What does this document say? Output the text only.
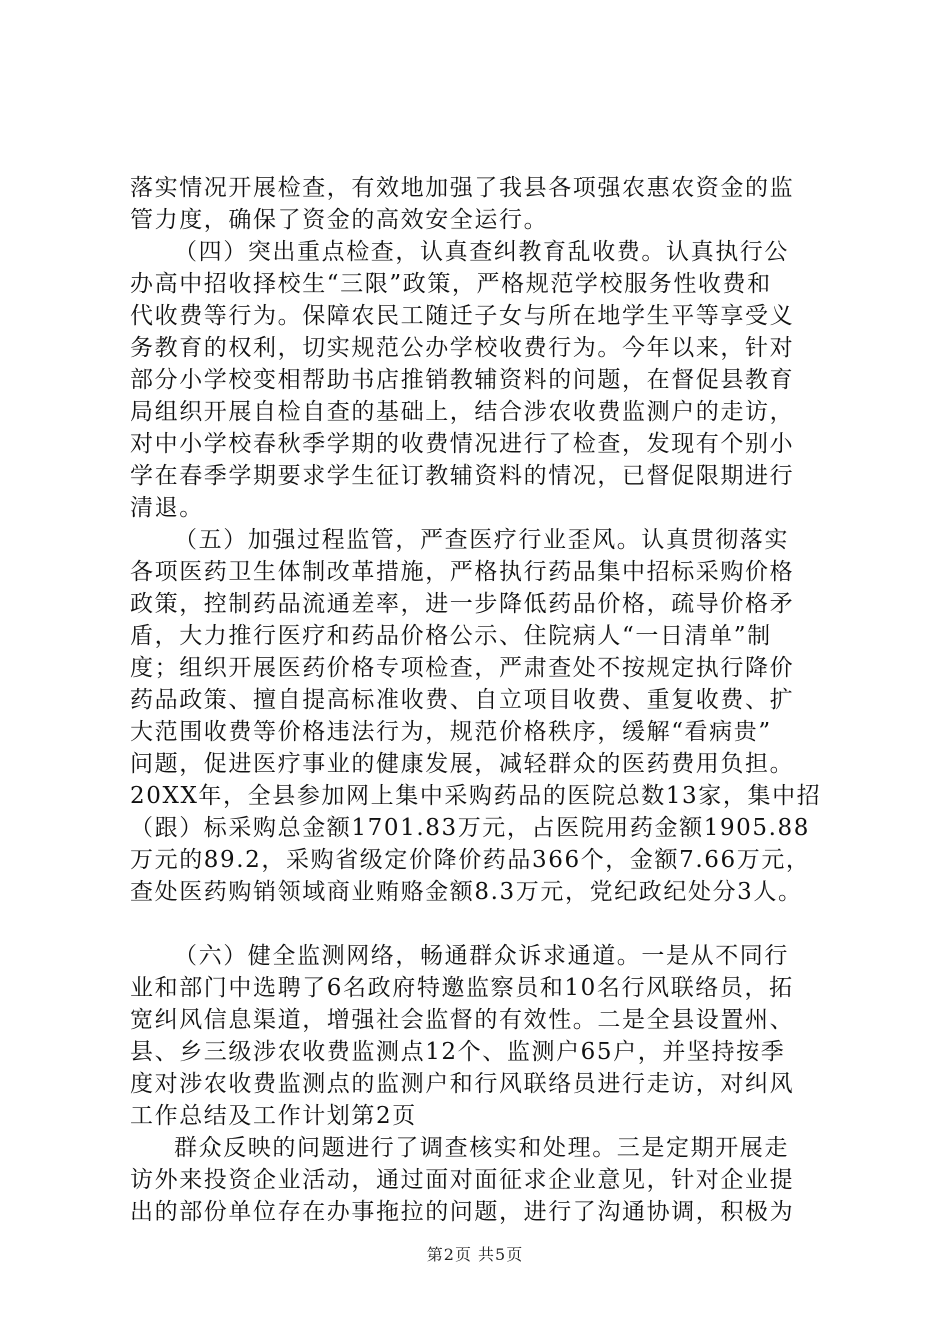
落实情况开展检查，有效地加强了我县各项强农惠农资金的监
管力度，确保了资金的高效安全运行。
（四）突出重点检查，认真查纠教育乱收费。认真执行公
办高中招收择校生“三限”政策，严格规范学校服务性收费和
代收费等行为。保障农民工随迁子女与所在地学生平等享受义
务教育的权利，切实规范公办学校收费行为。今年以来，针对
部分小学校变相帮助书店推销教辅资料的问题，在督促县教育
局组织开展自检自查的基础上，结合涉农收费监测户的走访，
对中小学校春秋季学期的收费情况进行了检查，发现有个别小
学在春季学期要求学生征订教辅资料的情况，已督促限期进行
清退。
（五）加强过程监管，严查医疗行业歪风。认真贯彻落实
各项医药卫生体制改革措施，严格执行药品集中招标采购价格
政策，控制药品流通差率，进一步降低药品价格，疏导价格矛
盾，大力推行医疗和药品价格公示、住院病人“一日清单”制
度；组织开展医药价格专项检查，严肃查处不按规定执行降价
药品政策、擅自提高标准收费、自立项目收费、重复收费、扩
大范围收费等价格违法行为，规范价格秩序，缓解“看病贵”
问题，促进医疗事业的健康发展，减轻群众的医药费用负担。
20XX年，全县参加网上集中采购药品的医院总数13家，集中招
（跟）标采购总金额1701.83万元，占医院用药金额1905.88
万元的89.2，采购省级定价降价药品366个，金额7.66万元，
查处医药购销领域商业贿赂金额8.3万元，党纪政纪处分3人。
（六）健全监测网络，畅通群众诉求通道。一是从不同行
业和部门中选聘了6名政府特邀监察员和10名行风联络员，拓
宽纠风信息渠道，增强社会监督的有效性。二是全县设置州、
县、乡三级涉农收费监测点12个、监测户65户，并坚持按季
度对涉农收费监测点的监测户和行风联络员进行走访，对纠风
工作总结及工作计划第2页
群众反映的问题进行了调查核实和处理。三是定期开展走
访外来投资企业活动，通过面对面征求企业意见，针对企业提
出的部份单位存在办事拖拉的问题，进行了沟通协调，积极为
第2页 共5页
